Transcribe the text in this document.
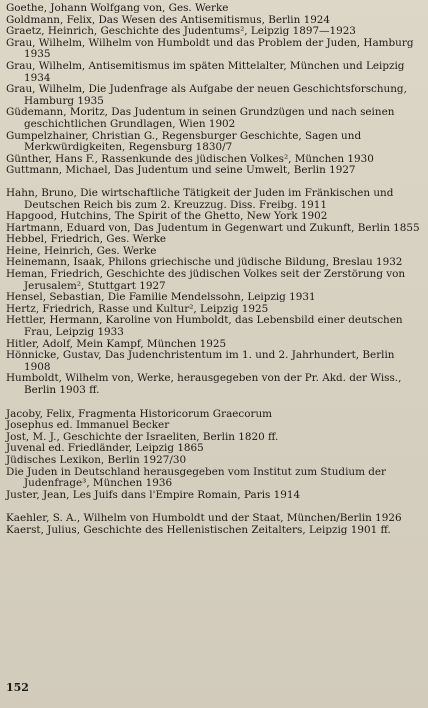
Goethe, Johann Wolfgang von, Ges. Werke

Goldmann, Felix, Das Wesen des Antisemitismus, Berlin 1924

Graetz, Heinrich, Geschichte des Judentums², Leipzig 1897—1923

Grau, Wilhelm, Wilhelm von Humboldt und das Problem der Juden, Hamburg 1935

Grau, Wilhelm, Antisemitismus im späten Mittelalter, München und Leipzig 1934

Grau, Wilhelm, Die Judenfrage als Aufgabe der neuen Geschichtsforschung, Hamburg 1935

Güdemann, Moritz, Das Judentum in seinen Grundzügen und nach seinen geschichtlichen Grundlagen, Wien 1902

Gumpelzhainer, Christian G., Regensburger Geschichte, Sagen und Merkwürdigkeiten, Regensburg 1830/7

Günther, Hans F., Rassenkunde des jüdischen Volkes², München 1930

Guttmann, Michael, Das Judentum und seine Umwelt, Berlin 1927

Hahn, Bruno, Die wirtschaftliche Tätigkeit der Juden im Fränkischen und Deutschen Reich bis zum 2. Kreuzzug. Diss. Freibg. 1911

Hapgood, Hutchins, The Spirit of the Ghetto, New York 1902

Hartmann, Eduard von, Das Judentum in Gegenwart und Zukunft, Berlin 1855

Hebbel, Friedrich, Ges. Werke

Heine, Heinrich, Ges. Werke

Heinemann, Isaak, Philons griechische und jüdische Bildung, Breslau 1932

Heman, Friedrich, Geschichte des jüdischen Volkes seit der Zerstörung von Jerusalem², Stuttgart 1927

Hensel, Sebastian, Die Familie Mendelssohn, Leipzig 1931

Hertz, Friedrich, Rasse und Kultur², Leipzig 1925

Hettler, Hermann, Karoline von Humboldt, das Lebensbild einer deutschen Frau, Leipzig 1933

Hitler, Adolf, Mein Kampf, München 1925

Hönnicke, Gustav, Das Judenchristentum im 1. und 2. Jahrhundert, Berlin 1908

Humboldt, Wilhelm von, Werke, herausgegeben von der Pr. Akd. der Wiss., Berlin 1903 ff.

Jacoby, Felix, Fragmenta Historicorum Graecorum

Josephus ed. Immanuel Becker

Jost, M. J., Geschichte der Israeliten, Berlin 1820 ff.

Juvenal ed. Friedländer, Leipzig 1865

Jüdisches Lexikon, Berlin 1927/30

Die Juden in Deutschland herausgegeben vom Institut zum Studium der Judenfrage³, München 1936

Juster, Jean, Les Juifs dans l'Empire Romain, Paris 1914

Kaehler, S. A., Wilhelm von Humboldt und der Staat, München/Berlin 1926

Kaerst, Julius, Geschichte des Hellenistischen Zeitalters, Leipzig 1901 ff.

152
